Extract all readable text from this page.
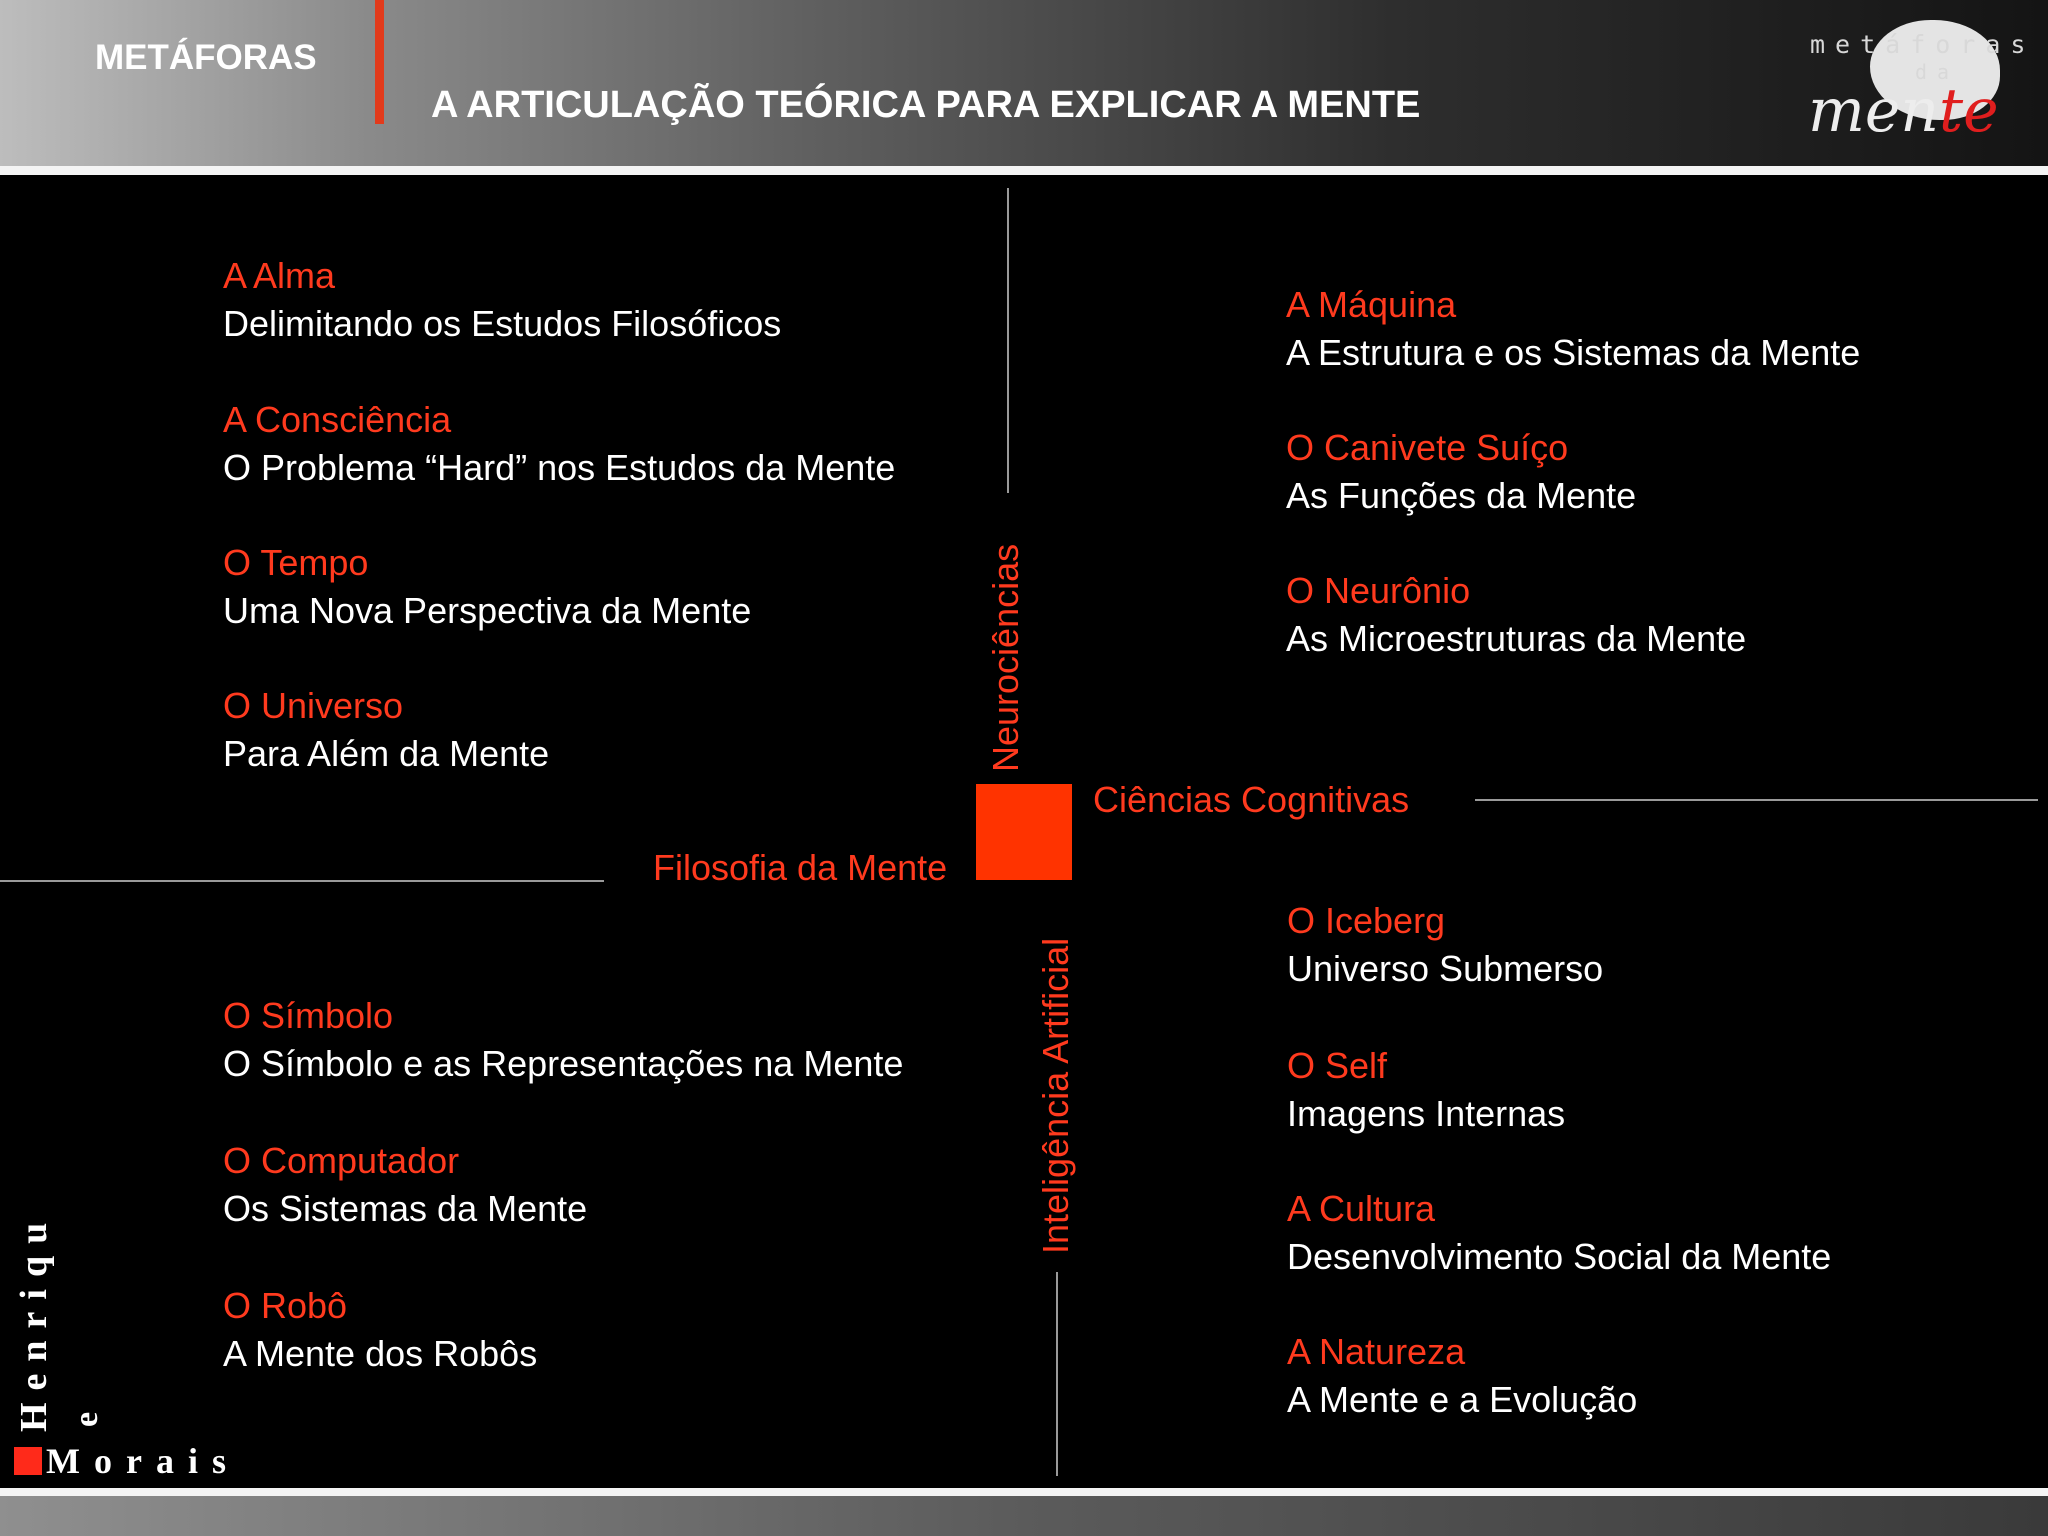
METÁFORAS
A ARTICULAÇÃO TEÓRICA PARA EXPLICAR A MENTE
metáforas
da
mente
Neurociências
Filosofia da Mente
Ciências Cognitivas
Inteligência Artificial
A Alma
Delimitando os Estudos Filosóficos
A Consciência
O Problema “Hard” nos Estudos da Mente
O Tempo
Uma Nova Perspectiva da Mente
O Universo
Para Além da Mente
A Máquina
A Estrutura e os Sistemas da Mente
O Canivete Suíço
As Funções da Mente
O Neurônio
As Microestruturas da Mente
O Símbolo
O Símbolo e as Representações na Mente
O Computador
Os Sistemas da Mente
O Robô
A Mente dos Robôs
O Iceberg
Universo Submerso
O Self
Imagens Internas
A Cultura
Desenvolvimento Social da Mente
A Natureza
A Mente e a Evolução
Henriqu e
Morais
